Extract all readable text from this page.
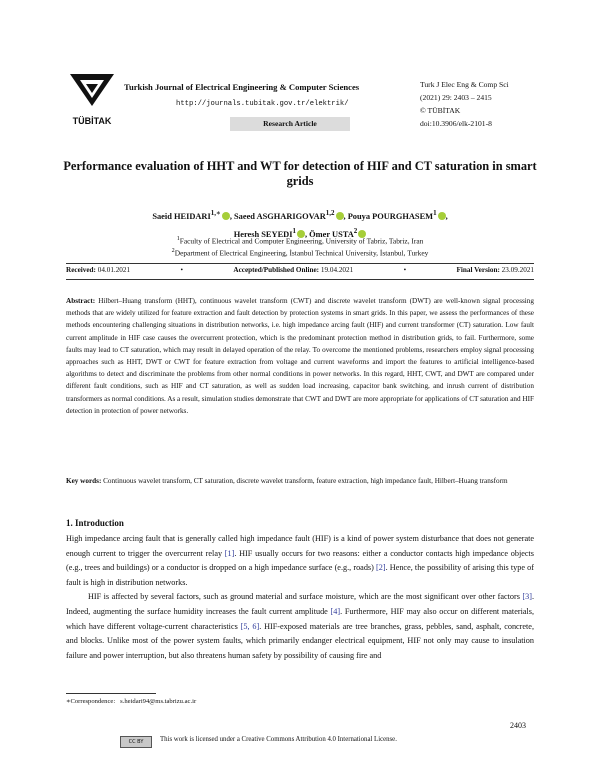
TÜBİTAK
Turkish Journal of Electrical Engineering & Computer Sciences
http://journals.tubitak.gov.tr/elektrik/
Research Article
Turk J Elec Eng & Comp Sci
(2021) 29: 2403 – 2415
© TÜBİTAK
doi:10.3906/elk-2101-8
Performance evaluation of HHT and WT for detection of HIF and CT saturation in smart grids
Saeid $HEIDARI^{1,∗}$ , Saeed ASGHARIGOVAR$^{1,2}$ , Pouya POURGHASEM$^1$ ,
Heresh SEYEDI$^1$ , Ömer USTA$^2$
$^1$Faculty of Electrical and Computer Engineering, University of Tabriz, Tabriz, Iran
$^2$Department of Electrical Engineering, İstanbul Technical University, İstanbul, Turkey
Received: 04.01.2021	•	Accepted/Published Online: 19.04.2021	•	Final Version: 23.09.2021
Abstract: Hilbert–Huang transform (HHT), continuous wavelet transform (CWT) and discrete wavelet transform (DWT) are well-known signal processing methods that are widely utilized for feature extraction and fault detection by protection systems in smart grids. In this paper, we assess the performances of these methods encountering challenging situations in distribution networks, i.e. high impedance arcing fault (HIF) and current transformer (CT) saturation. Low fault current amplitude in HIF case causes the overcurrent protection, which is the predominant protection method in distribution grids, to fail. Furthermore, some faults may lead to CT saturation, which may result in delayed operation of the relay. To overcome the mentioned problems, researchers employ signal processing approaches such as HHT, DWT or CWT for feature extraction from voltage and current waveforms and import the features to artificial intelligence-based algorithms to detect and discriminate the problems from other normal conditions in power networks. In this regard, HHT, CWT, and DWT are compared under different fault conditions, such as HIF and CT saturation, as well as sudden load increasing, capacitor bank switching, and inrush current of distribution transformers as normal conditions. As a result, simulation studies demonstrate that CWT and DWT are more appropriate for applications of CT saturation and HIF detection in protection of power networks.
Key words: Continuous wavelet transform, CT saturation, discrete wavelet transform, feature extraction, high impedance fault, Hilbert–Huang transform
1. Introduction

High impedance arcing fault that is generally called high impedance fault (HIF) is a kind of power system disturbance that does not generate enough current to trigger the overcurrent relay [1]. HIF usually occurs for two reasons: either a conductor contacts high impedance objects (e.g., trees and buildings) or a conductor is dropped on a high impedance surface (e.g., roads) [2]. Hence, the possibility of arising this type of fault is high in distribution networks.

HIF is affected by several factors, such as ground material and surface moisture, which are the most significant over other factors [3]. Indeed, augmenting the surface humidity increases the fault current amplitude [4]. Furthermore, HIF may also occur on different materials, which have different voltage-current characteristics [5, 6]. HIF-exposed materials are tree branches, grass, pebbles, sand, asphalt, concrete, and blocks. Unlike most of the power system faults, which primarily endanger electrical equipment, HIF not only may cause to insulation failure and power interruption, but also threatens human safety by possibility of causing fire and

∗Correspondence: s.heidari94@ms.tabrizu.ac.ir
2403
CC BY	This work is licensed under a Creative Commons Attribution 4.0 International License.
